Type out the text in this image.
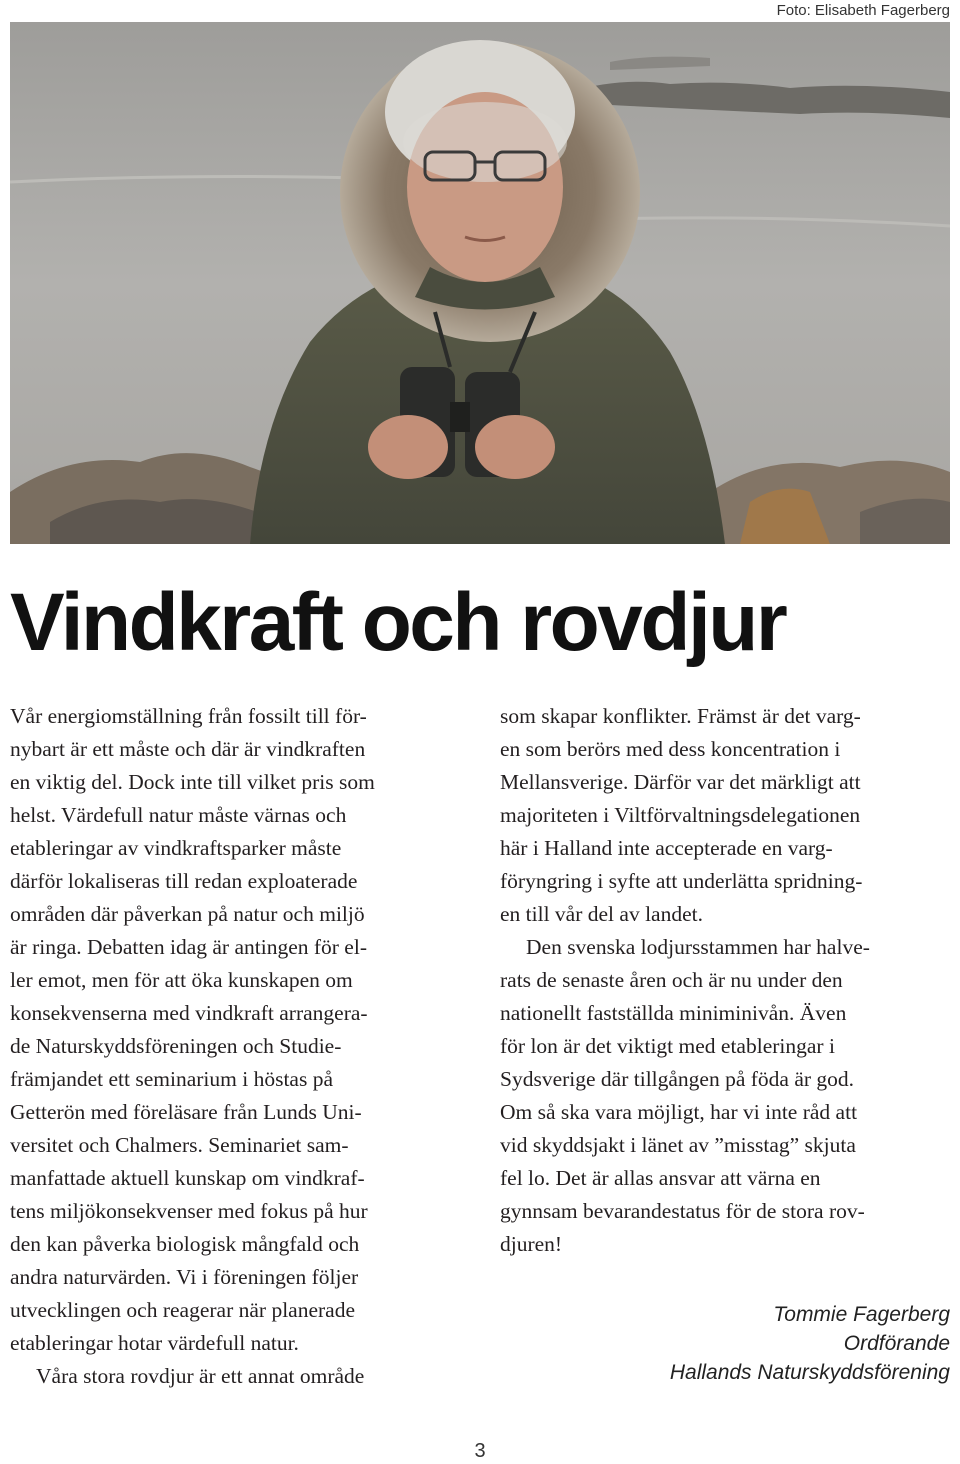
Foto: Elisabeth Fagerberg
Vindkraft och rovdjur

Vår energiomställning från fossilt till för-
nybart är ett måste och där är vindkraften
en viktig del. Dock inte till vilket pris som
helst. Värdefull natur måste värnas och
etableringar av vindkraftsparker måste
därför lokaliseras till redan exploaterade
områden där påverkan på natur och miljö
är ringa. Debatten idag är antingen för el-
ler emot, men för att öka kunskapen om
konsekvenserna med vindkraft arrangera-
de Naturskyddsföreningen och Studie-
främjandet ett seminarium i höstas på
Getterön med föreläsare från Lunds Uni-
versitet och Chalmers. Seminariet sam-
manfattade aktuell kunskap om vindkraf-
tens miljökonsekvenser med fokus på hur
den kan påverka biologisk mångfald och
andra naturvärden. Vi i föreningen följer
utvecklingen och reagerar när planerade
etableringar hotar värdefull natur.

Våra stora rovdjur är ett annat område

som skapar konflikter. Främst är det varg-
en som berörs med dess koncentration i
Mellansverige. Därför var det märkligt att
majoriteten i Viltförvaltningsdelegationen
här i Halland inte accepterade en varg-
föryngring i syfte att underlätta spridning-
en till vår del av landet.

Den svenska lodjursstammen har halve-

rats de senaste åren och är nu under den
nationellt fastställda miniminivån. Även
för lon är det viktigt med etableringar i
Sydsverige där tillgången på föda är god.
Om så ska vara möjligt, har vi inte råd att
vid skyddsjakt i länet av ”misstag” skjuta
fel lo. Det är allas ansvar att värna en
gynnsam bevarandestatus för de stora rov-
djuren!

Tommie Fagerberg
Ordförande
Hallands Naturskyddsförening
3
